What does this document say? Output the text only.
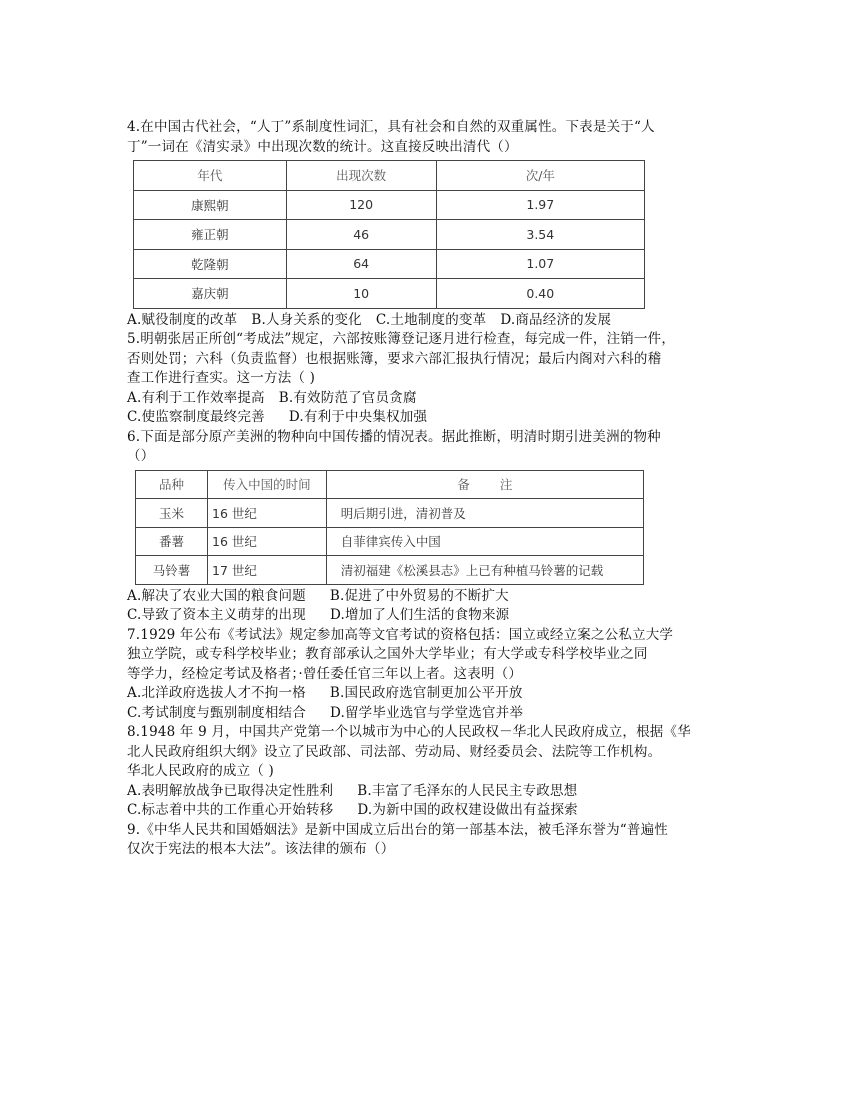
4.在中国古代社会，“人丁”系制度性词汇，具有社会和自然的双重属性。下表是关于“人
丁”一词在《清实录》中出现次数的统计。这直接反映出清代（）
年代	出现次数	次/年
康熙朝	120	1.97
雍正朝	46	3.54
乾隆朝	64	1.07
嘉庆朝	10	0.40
A.赋役制度的改革 B.人身关系的变化 C.土地制度的变革 D.商品经济的发展
5.明朝张居正所创“考成法”规定，六部按账簿登记逐月进行检查，每完成一件，注销一件，
否则处罚；六科（负责监督）也根据账簿，要求六部汇报执行情况；最后内阁对六科的稽
查工作进行查实。这一方法（ )
A.有利于工作效率提高 B.有效防范了官员贪腐
C.使监察制度最终完善 D.有利于中央集权加强
6.下面是部分原产美洲的物种向中国传播的情况表。据此推断，明清时期引进美洲的物种
（）
品种	传入中国的时间	备注
玉米	16 世纪	明后期引进，清初普及
番薯	16 世纪	自菲律宾传入中国
马铃薯	17 世纪	清初福建《松溪县志》上已有种植马铃薯的记载
A.解决了农业大国的粮食问题 B.促进了中外贸易的不断扩大
C.导致了资本主义萌芽的出现 D.增加了人们生活的食物来源
7.1929 年公布《考试法》规定参加高等文官考试的资格包括：国立或经立案之公私立大学
独立学院，或专科学校毕业；教育部承认之国外大学毕业；有大学或专科学校毕业之同
等学力，经检定考试及格者；·曾任委任官三年以上者。这表明（）
A.北洋政府选拔人才不拘一格 B.国民政府选官制更加公平开放
C.考试制度与甄别制度相结合 D.留学毕业选官与学堂选官并举
8.1948 年 9 月，中国共产党第一个以城市为中心的人民政权－华北人民政府成立，根据《华
北人民政府组织大纲》设立了民政部、司法部、劳动局、财经委员会、法院等工作机构。
华北人民政府的成立（ )
A.表明解放战争已取得决定性胜利 B.丰富了毛泽东的人民民主专政思想
C.标志着中共的工作重心开始转移 D.为新中国的政权建设做出有益探索
9.《中华人民共和国婚姻法》是新中国成立后出台的第一部基本法，被毛泽东誉为“普遍性
仅次于宪法的根本大法”。该法律的颁布（）
